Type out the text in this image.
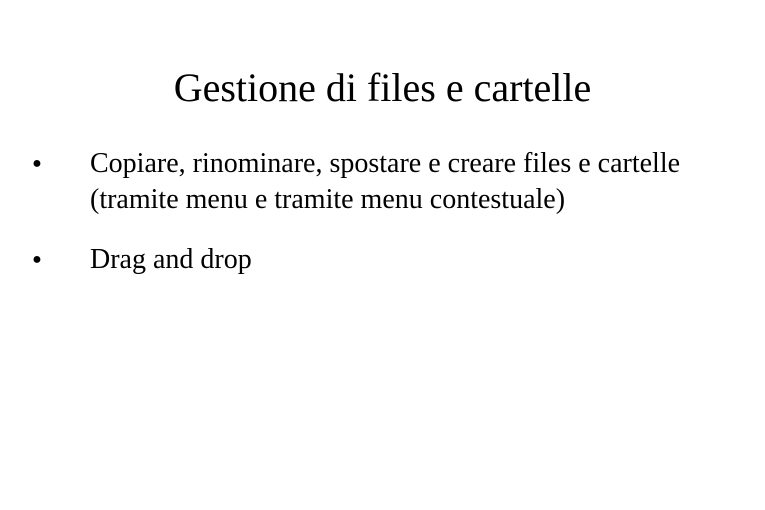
Gestione di files e cartelle
● Copiare, rinominare, spostare e creare files e cartelle (tramite menu e tramite menu contestuale)
● Drag and drop
